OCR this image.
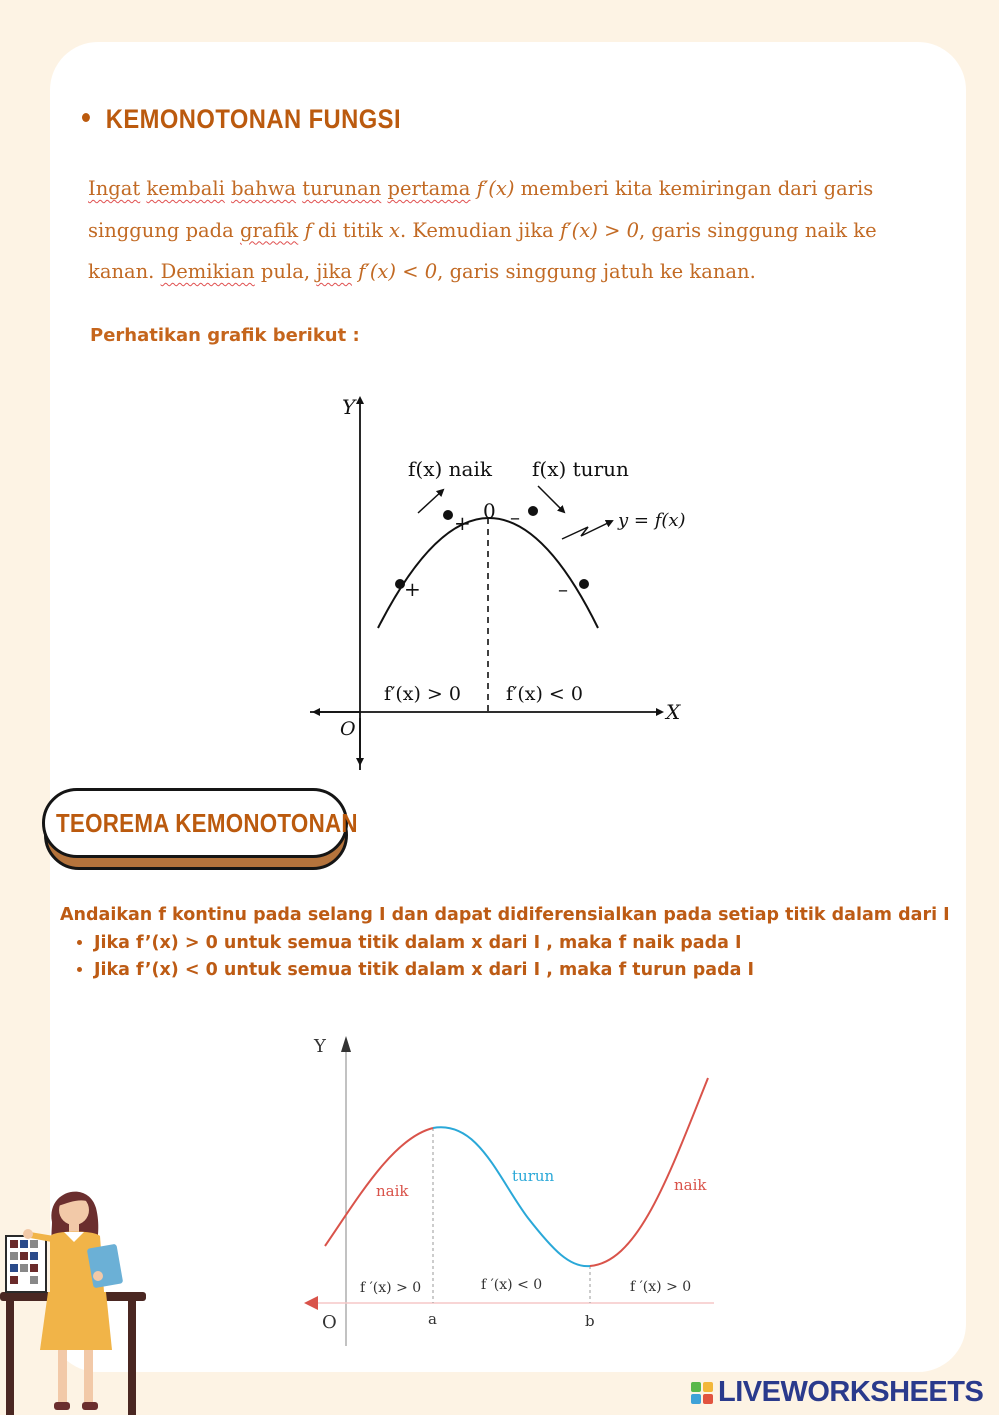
KEMONOTONAN FUNGSI

Ingat kembali bahwa turunan pertama f′(x) memberi kita kemiringan dari garis

singgung pada grafik f di titik x. Kemudian jika f′(x) > 0, garis singgung naik ke

kanan. Demikian pula, jika f′(x) < 0, garis singgung jatuh ke kanan.

Perhatikan grafik berikut :
Y
X
O
f(x) naik f(x) turun
y = f(x)
0
+
+
–
–
f′(x) > 0 f′(x) < 0
TEOREMA KEMONOTONAN

Andaikan f kontinu pada selang I dan dapat didiferensialkan pada setiap titik dalam dari I

• Jika f’(x) > 0 untuk semua titik dalam x dari I , maka f naik pada I
• Jika f’(x) < 0 untuk semua titik dalam x dari I , maka f turun pada I
Y
O	a	b
naik
turun	naik
f ′(x) > 0	f ′(x) < 0	f ′(x) > 0
LIVEWORKSHEETS
